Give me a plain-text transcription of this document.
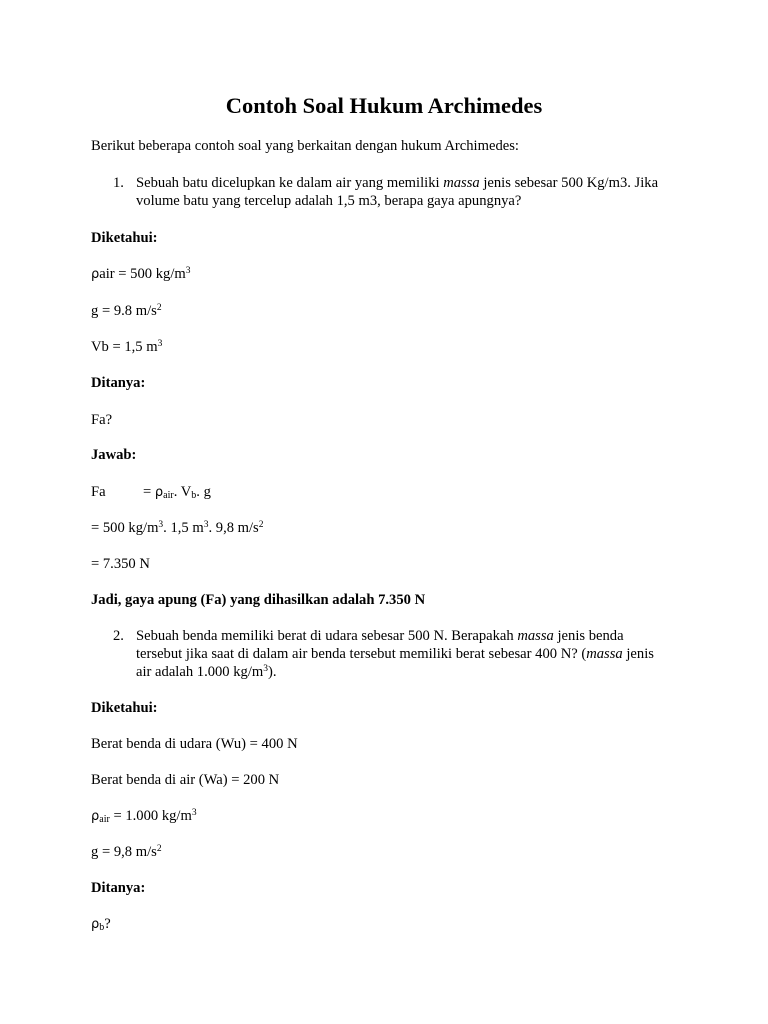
Contoh Soal Hukum Archimedes
Berikut beberapa contoh soal yang berkaitan dengan hukum Archimedes:
1. Sebuah batu dicelupkan ke dalam air yang memiliki massa jenis sebesar 500 Kg/m3. Jika
volume batu yang tercelup adalah 1,5 m3, berapa gaya apungnya?
Diketahui:
ρair = 500 $kg/m^3$
g = 9.8 $m/s^2$
Vb = 1,5 $m^3$
Ditanya:
Fa?
Jawab:
Fa	= $\rho_{air}$. $V_b$. g
= 500 $kg/m^3$. 1,5 $m^3$. 9,8 $m/s^2$
= 7.350 N
Jadi, gaya apung (Fa) yang dihasilkan adalah 7.350 N
2. Sebuah benda memiliki berat di udara sebesar 500 N. Berapakah massa jenis benda
tersebut jika saat di dalam air benda tersebut memiliki berat sebesar 400 N? (massa jenis
air adalah 1.000 $kg/m^3$).
Diketahui:
Berat benda di udara (Wu) = 400 N
Berat benda di air (Wa) = 200 N
$\rho_{air} = 1.000$ $kg/m^3$
g = 9,8 $m/s^2$
Ditanya:
$\rho_b$?
